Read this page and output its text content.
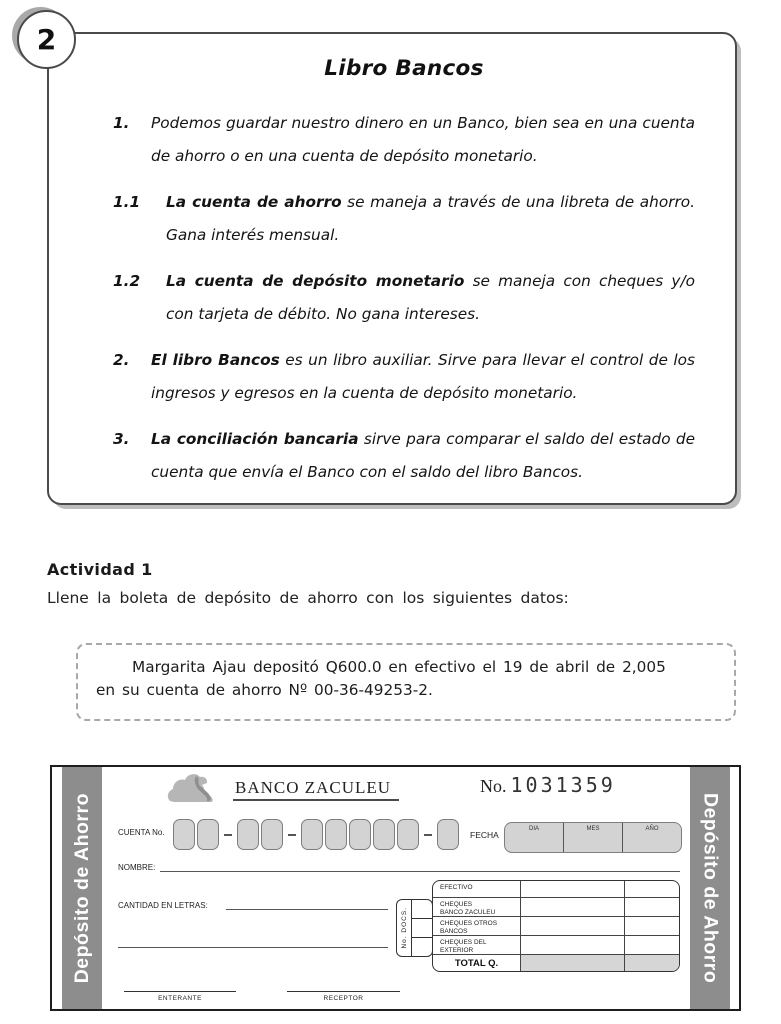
2
Libro Bancos
1.	Podemos guardar nuestro dinero en un Banco, bien sea en una cuenta de ahorro o en una cuenta de depósito monetario.
1.1	La cuenta de ahorro se maneja a través de una libreta de ahorro. Gana interés mensual.
1.2	La cuenta de depósito monetario se maneja con cheques y/o con tarjeta de débito. No gana intereses.
2.	El libro Bancos es un libro auxiliar. Sirve para llevar el control de los ingresos y egresos en la cuenta de depósito monetario.
3.	La conciliación bancaria sirve para comparar el saldo del estado de cuenta que envía el Banco con el saldo del libro Bancos.
Actividad 1
Llene la boleta de depósito de ahorro con los siguientes datos:
Margarita Ajau depositó Q600.0 en efectivo el 19 de abril de 2,005
en su cuenta de ahorro Nº 00-36-49253-2.
Depósito de Ahorro	Depósito de Ahorro
BANCO ZACULEU	No. 1031359
CUENTA No.	FECHA
DIA	MES	AÑO
NOMBRE:
CANTIDAD EN LETRAS:
No. DOCS.
EFECTIVO
CHEQUES
BANCO ZACULEU
CHEQUES OTROS
BANCOS
CHEQUES DEL
EXTERIOR
TOTAL Q.
ENTERANTE	RECEPTOR
